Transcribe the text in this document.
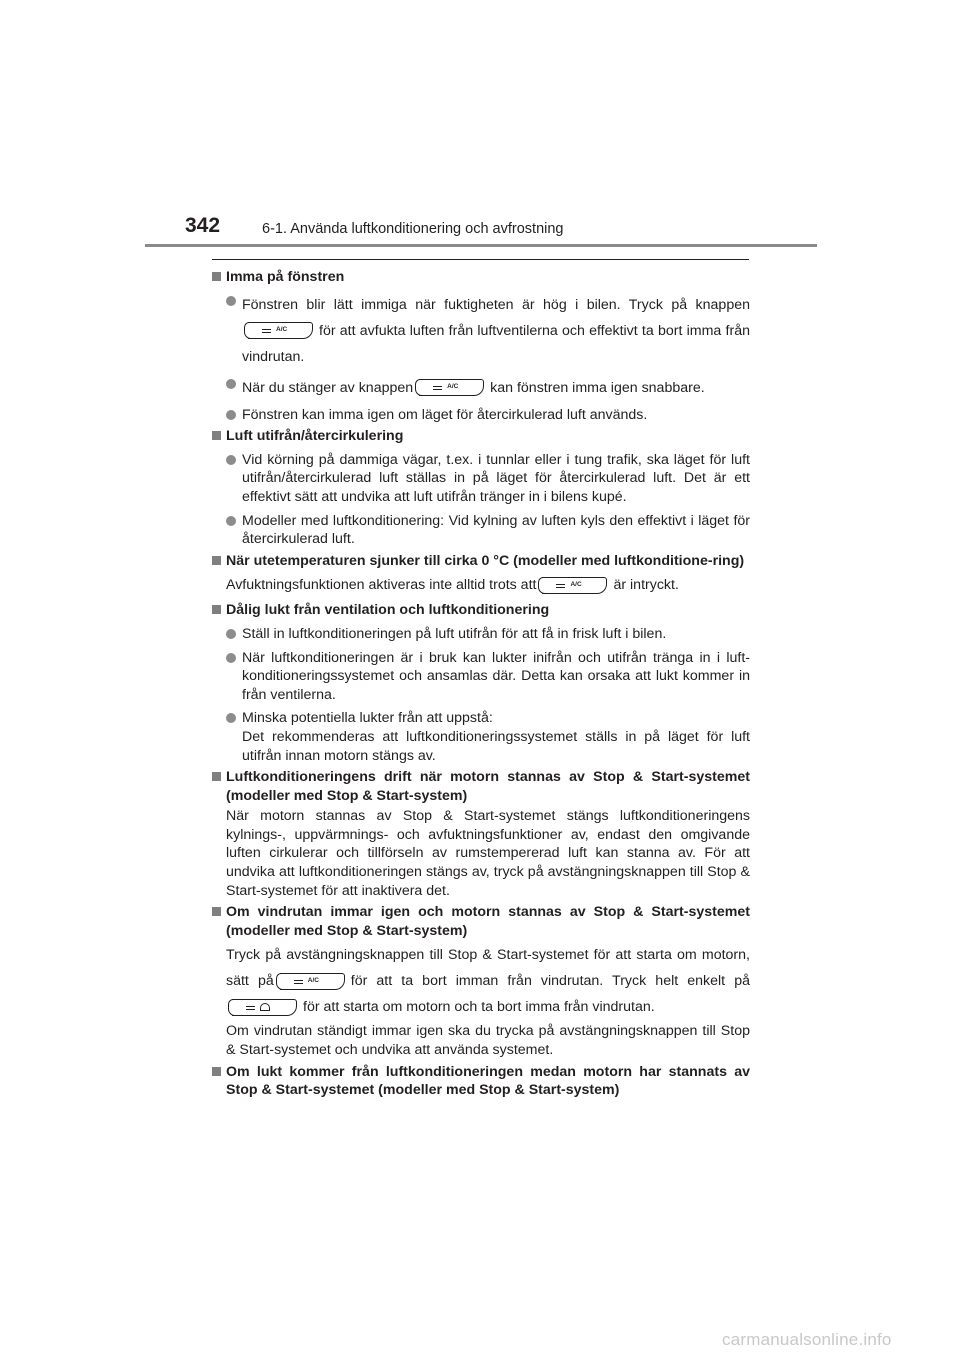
342	6-1. Använda luftkonditionering och avfrostning
Imma på fönstren
Fönstren blir lätt immiga när fuktigheten är hög i bilen. Tryck på knappen
A/C för att avfukta luften från luftventilerna och effektivt ta bort imma från vindrutan.
När du stänger av knappen	A/C kan fönstren imma igen snabbare.
Fönstren kan imma igen om läget för återcirkulerad luft används.
Luft utifrån/återcirkulering
Vid körning på dammiga vägar, t.ex. i tunnlar eller i tung trafik, ska läget för luft utifrån/återcirkulerad luft ställas in på läget för återcirkulerad luft. Det är ett effektivt sätt att undvika att luft utifrån tränger in i bilens kupé.
Modeller med luftkonditionering: Vid kylning av luften kyls den effektivt i läget för återcirkulerad luft.
När utetemperaturen sjunker till cirka 0 °C (modeller med luftkonditione-ring)
Avfuktningsfunktionen aktiveras inte alltid trots att	A/C är intryckt.
Dålig lukt från ventilation och luftkonditionering
Ställ in luftkonditioneringen på luft utifrån för att få in frisk luft i bilen.
När luftkonditioneringen är i bruk kan lukter inifrån och utifrån tränga in i luft-konditioneringssystemet och ansamlas där. Detta kan orsaka att lukt kommer in från ventilerna.
Minska potentiella lukter från att uppstå:
Det rekommenderas att luftkonditioneringssystemet ställs in på läget för luft utifrån innan motorn stängs av.
Luftkonditioneringens drift när motorn stannas av Stop & Start-systemet (modeller med Stop & Start-system)
När motorn stannas av Stop & Start-systemet stängs luftkonditioneringens kylnings-, uppvärmnings- och avfuktningsfunktioner av, endast den omgivande luften cirkulerar och tillförseln av rumstempererad luft kan stanna av. För att undvika att luftkonditioneringen stängs av, tryck på avstängningsknappen till Stop & Start-systemet för att inaktivera det.
Om vindrutan immar igen och motorn stannas av Stop & Start-systemet (modeller med Stop & Start-system)
Tryck på avstängningsknappen till Stop & Start-systemet för att starta om motorn, sätt på	A/C för att ta bort imman från vindrutan. Tryck helt enkelt på
för att starta om motorn och ta bort imma från vindrutan.
Om vindrutan ständigt immar igen ska du trycka på avstängningsknappen till Stop & Start-systemet och undvika att använda systemet.
Om lukt kommer från luftkonditioneringen medan motorn har stannats av Stop & Start-systemet (modeller med Stop & Start-system)
carmanualsonline.info
